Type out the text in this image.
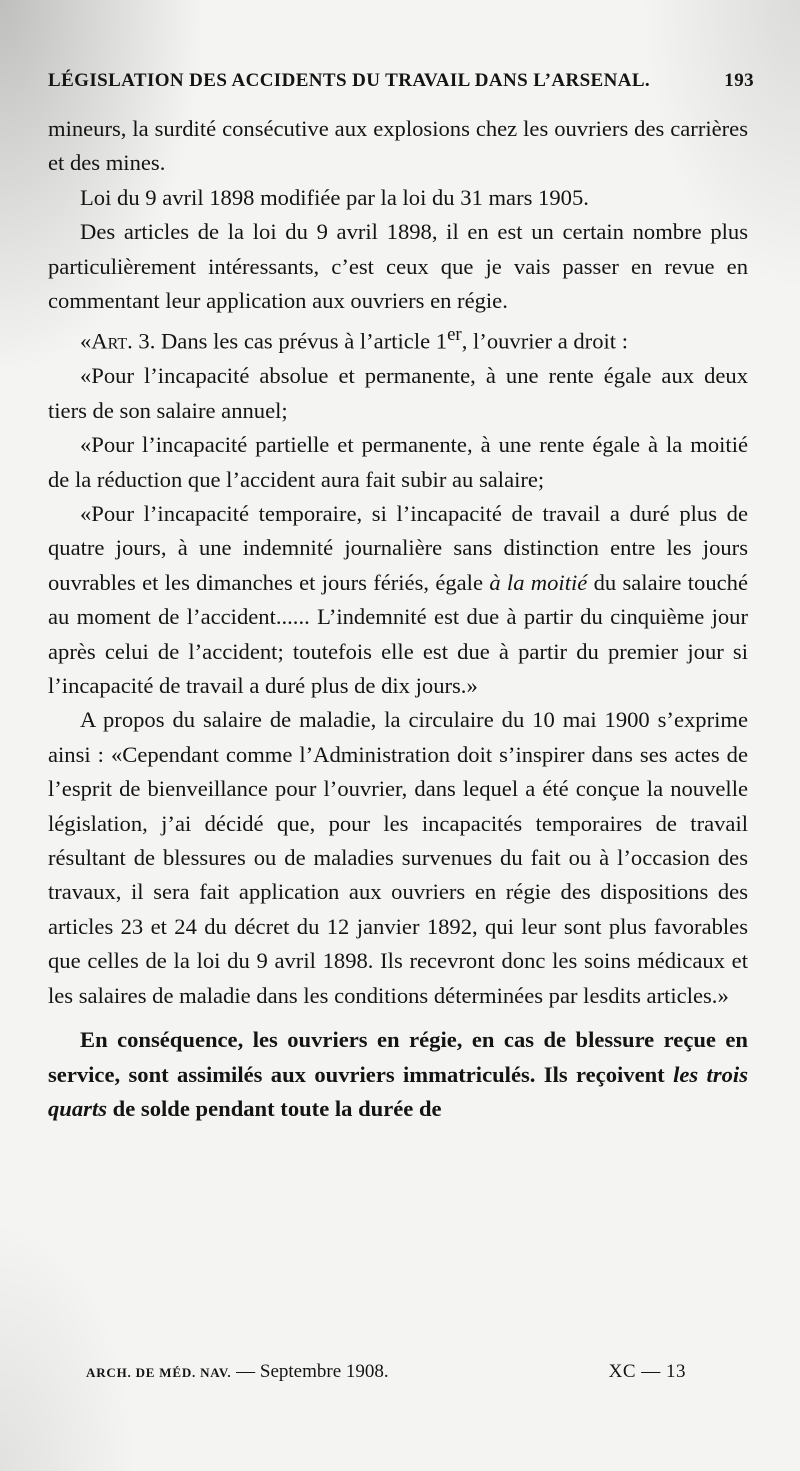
LÉGISLATION DES ACCIDENTS DU TRAVAIL DANS L’ARSENAL.	193

mineurs, la surdité consécutive aux explosions chez les ouvriers des carrières et des mines.

Loi du 9 avril 1898 modifiée par la loi du 31 mars 1905.

Des articles de la loi du 9 avril 1898, il en est un certain nombre plus particulièrement intéressants, c’est ceux que je vais passer en revue en commentant leur application aux ouvriers en régie.

«Art. 3. Dans les cas prévus à l’article 1er, l’ouvrier a droit :

«Pour l’incapacité absolue et permanente, à une rente égale aux deux tiers de son salaire annuel;

«Pour l’incapacité partielle et permanente, à une rente égale à la moitié de la réduction que l’accident aura fait subir au salaire;

«Pour l’incapacité temporaire, si l’incapacité de travail a duré plus de quatre jours, à une indemnité journalière sans distinction entre les jours ouvrables et les dimanches et jours fériés, égale à la moitié du salaire touché au moment de l’accident...... L’indemnité est due à partir du cinquième jour après celui de l’accident; toutefois elle est due à partir du premier jour si l’incapacité de travail a duré plus de dix jours.»

A propos du salaire de maladie, la circulaire du 10 mai 1900 s’exprime ainsi : «Cependant comme l’Administration doit s’inspirer dans ses actes de l’esprit de bienveillance pour l’ouvrier, dans lequel a été conçue la nouvelle législation, j’ai décidé que, pour les incapacités temporaires de travail résultant de blessures ou de maladies survenues du fait ou à l’occasion des travaux, il sera fait application aux ouvriers en régie des dispositions des articles 23 et 24 du décret du 12 janvier 1892, qui leur sont plus favorables que celles de la loi du 9 avril 1898. Ils recevront donc les soins médicaux et les salaires de maladie dans les conditions déterminées par lesdits articles.»

En conséquence, les ouvriers en régie, en cas de blessure reçue en service, sont assimilés aux ouvriers immatriculés. Ils reçoivent les trois quarts de solde pendant toute la durée de

ARCH. DE MÉD. NAV. — Septembre 1908.	XC — 13
